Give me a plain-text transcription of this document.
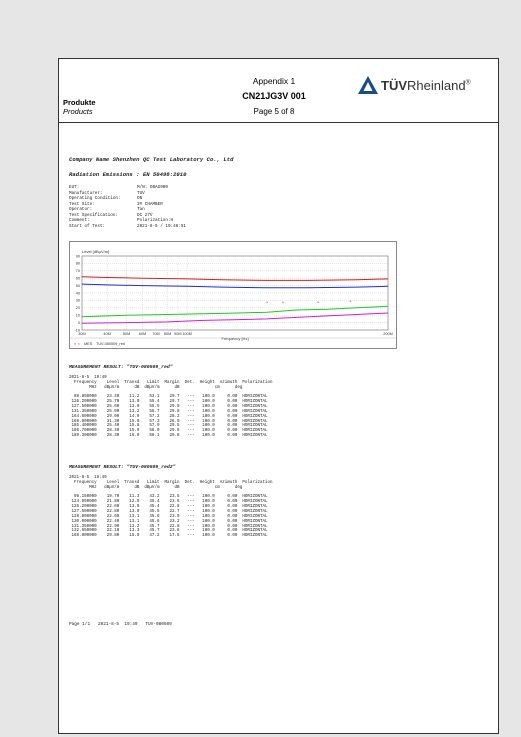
Appendix 1
CN21JG3V 001
Page 5 of 8
Produkte
Products
TÜVRheinland®
Company Name Shenzhen QC Test Laboratory Co., Ltd
Radiation Emissions : EN 50498:2010
EUT:	M/N: OBAG900
Manufacturer:	TUV
Operating Condition:	ON
Test Site:	3# CHAMBER
Operator:	Tan
Test Specification:	DC 27V
Comment:	Polarization:H
Start of Test:	2021-8-5 / 19:48:51
-10
0
10
20
30
40
50
60
70
80
90
30M	40M	50M 60M 70M 80M 90M 100M	200M
Level [dBµV/m]
Frequency [Hz]
×	×	×	×
× × MES TUV-080509_red
MEASUREMENT RESULT: "TUV-080509_red"
2021-8-5  19:49
Frequency    Level  Transd   Limit  Margin  Det.  Height  Azimuth  Polarization
MHz   dBµV/m      dB  dBµV/m      dB              cm      deg
88.850000    23.40    11.2    53.1    29.7   ---   100.0     0.00  HORIZONTAL
126.200000    25.70    13.0    55.4    29.7   ---   100.0     0.00  HORIZONTAL
127.500000    25.60    13.0    55.5    29.9   ---   100.0     0.00  HORIZONTAL
131.350000    25.90    13.2    55.7    29.8   ---   100.0     0.00  HORIZONTAL
164.600000    29.00    14.9    57.2    28.2   ---   100.0     0.00  HORIZONTAL
168.000000    31.30    15.0    57.3    26.0   ---   100.0     0.00  HORIZONTAL
185.400000    25.40    15.8    57.9    29.5   ---   100.0     0.00  HORIZONTAL
186.700000    28.40    15.9    58.0    29.6   ---   100.0     0.00  HORIZONTAL
189.300000    28.30    16.0    58.1    29.8   ---   100.0     0.00  HORIZONTAL
MEASUREMENT RESULT: "TUV-080509_red2"
2021-8-5  19:49
Frequency    Level  Transd   Limit  Margin  Det.  Height  Azimuth  Polarization
MHz   dBµV/m      dB  dBµV/m      dB              cm      deg
98.150000    19.70    11.3    43.2    23.5   ---   100.0     0.00  HORIZONTAL
124.950000    21.80    12.9    45.4    23.6   ---   100.0     0.00  HORIZONTAL
126.200000    22.60    13.0    45.4    22.8   ---   100.0     0.00  HORIZONTAL
127.500000    22.80    13.0    45.5    22.7   ---   100.0     0.00  HORIZONTAL
128.800000    22.60    13.1    45.6    23.0   ---   100.0     0.00  HORIZONTAL
130.000000    22.40    13.1    45.6    23.2   ---   100.0     0.00  HORIZONTAL
131.350000    22.90    13.2    45.7    22.8   ---   100.0     0.00  HORIZONTAL
132.650000    22.10    13.3    45.7    23.6   ---   100.0     0.00  HORIZONTAL
168.000000    29.80    15.0    47.2    17.5   ---   100.0     0.00  HORIZONTAL
Page 1/1   2021-8-5  19:49   TUV-080509
